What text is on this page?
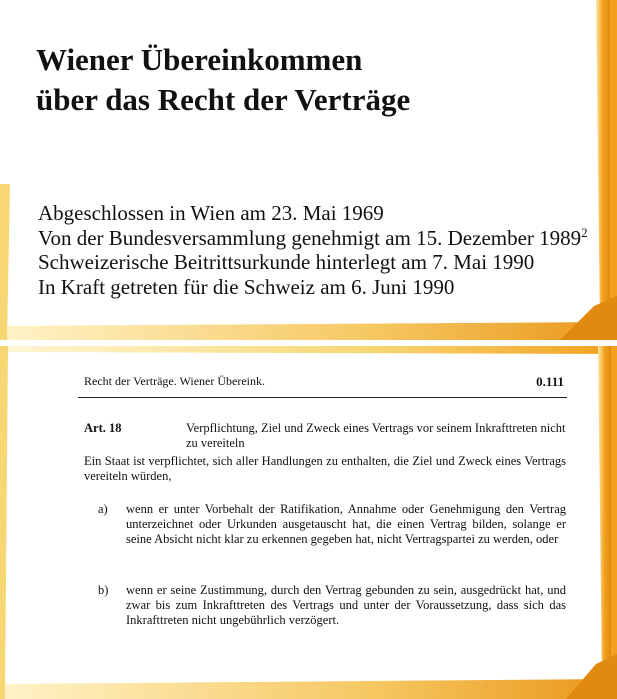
Wiener Übereinkommen
über das Recht der Verträge
Abgeschlossen in Wien am 23. Mai 1969
Von der Bundesversammlung genehmigt am 15. Dezember 1989$^2$
Schweizerische Beitrittsurkunde hinterlegt am 7. Mai 1990
In Kraft getreten für die Schweiz am 6. Juni 1990
Recht der Verträge. Wiener Übereink.	0.111
Art. 18	Verpflichtung, Ziel und Zweck eines Vertrags vor seinem Inkrafttreten nicht zu vereiteln
Ein Staat ist verpflichtet, sich aller Handlungen zu enthalten, die Ziel und Zweck eines Vertrags vereiteln würden,
a) wenn er unter Vorbehalt der Ratifikation, Annahme oder Genehmigung den Vertrag unterzeichnet oder Urkunden ausgetauscht hat, die einen Vertrag bilden, solange er seine Absicht nicht klar zu erkennen gegeben hat, nicht Vertragspartei zu werden, oder
b) wenn er seine Zustimmung, durch den Vertrag gebunden zu sein, ausgedrückt hat, und zwar bis zum Inkrafttreten des Vertrags und unter der Voraussetzung, dass sich das Inkrafttreten nicht ungebührlich verzögert.
